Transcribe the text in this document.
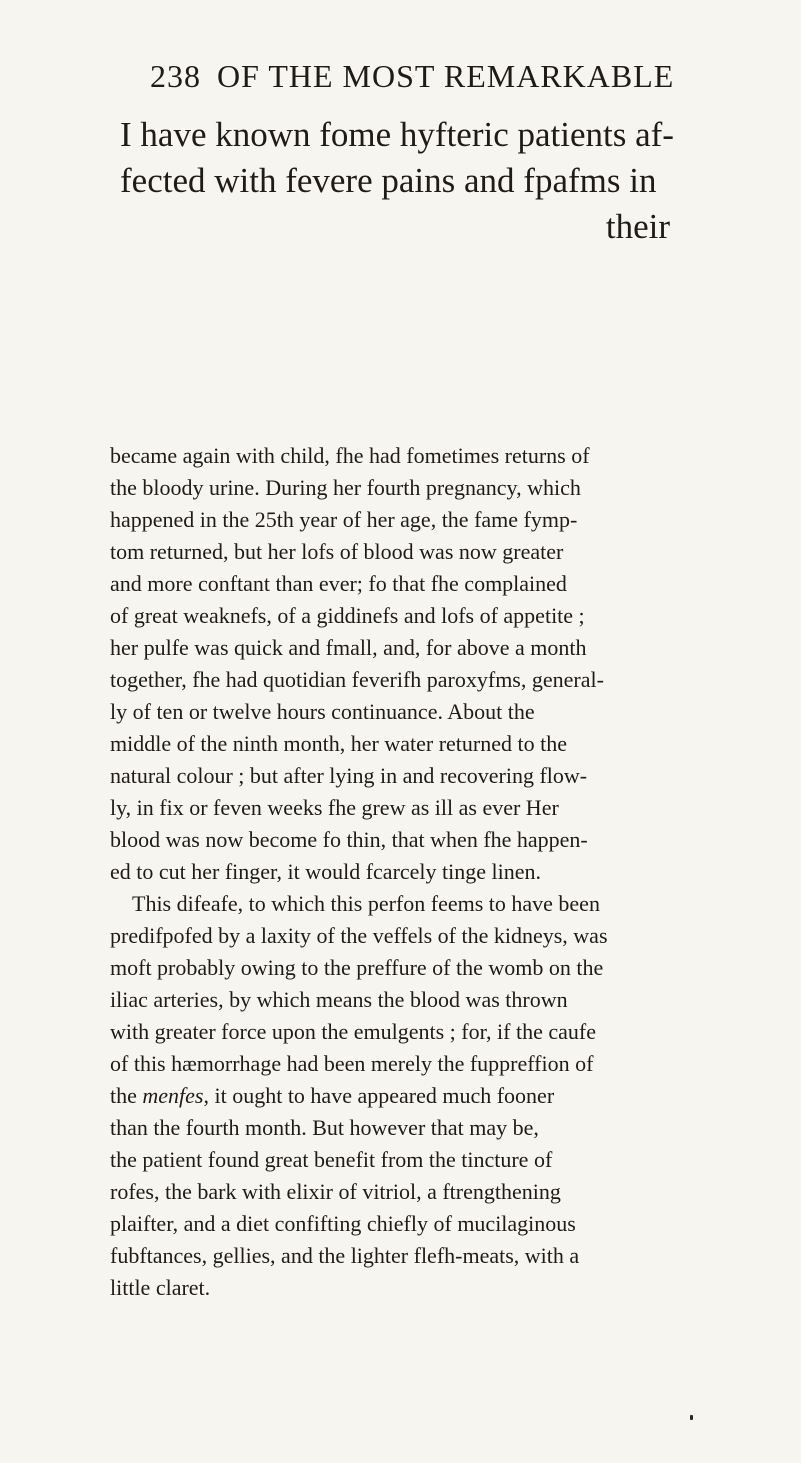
238 OF THE MOST REMARKABLE
I have known fome hyfteric patients af-
fected with fevere pains and fpafms in
their
became again with child, fhe had fometimes returns of
the bloody urine. During her fourth pregnancy, which
happened in the 25th year of her age, the fame fymp-
tom returned, but her lofs of blood was now greater
and more conftant than ever; fo that fhe complained
of great weaknefs, of a giddinefs and lofs of appetite ;
her pulfe was quick and fmall, and, for above a month
together, fhe had quotidian feverifh paroxyfms, general-
ly of ten or twelve hours continuance. About the
middle of the ninth month, her water returned to the
natural colour ; but after lying in and recovering flow-
ly, in fix or feven weeks fhe grew as ill as ever Her
blood was now become fo thin, that when fhe happen-
ed to cut her finger, it would fcarcely tinge linen.
This difeafe, to which this perfon feems to have been
predifpofed by a laxity of the veffels of the kidneys, was
moft probably owing to the preffure of the womb on the
iliac arteries, by which means the blood was thrown
with greater force upon the emulgents ; for, if the caufe
of this hæmorrhage had been merely the fuppreffion of
the menfes, it ought to have appeared much fooner
than the fourth month. But however that may be,
the patient found great benefit from the tincture of
rofes, the bark with elixir of vitriol, a ftrengthening
plaifter, and a diet confifting chiefly of mucilaginous
fubftances, gellies, and the lighter flefh-meats, with a
little claret.
